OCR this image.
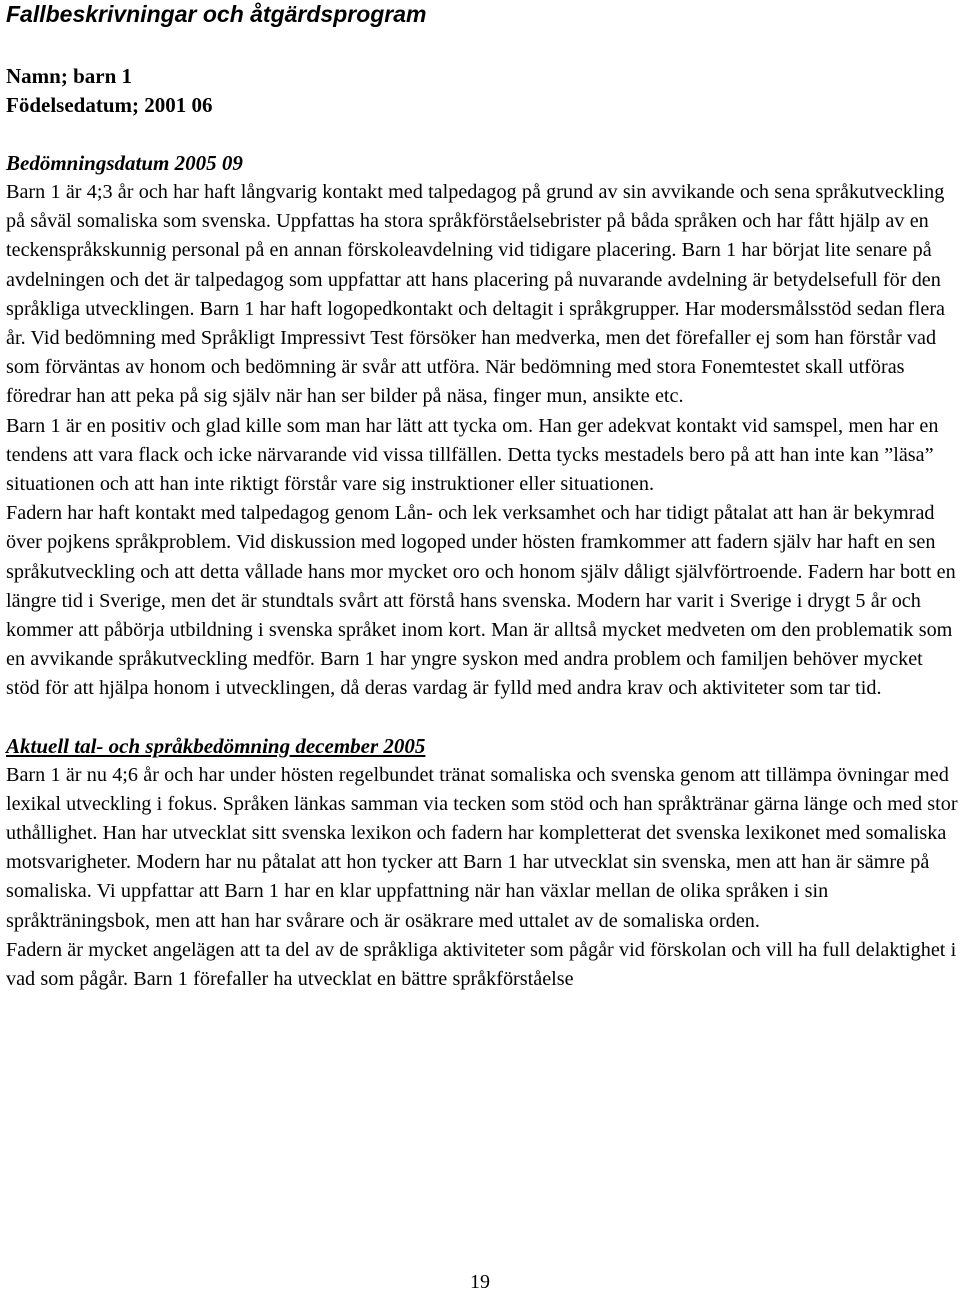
Fallbeskrivningar och åtgärdsprogram
Namn; barn 1
Födelsedatum; 2001 06
Bedömningsdatum 2005 09

Barn 1 är 4;3 år och har haft långvarig kontakt med talpedagog på grund av sin avvikande och sena språkutveckling på såväl somaliska som svenska. Uppfattas ha stora språkförståelsebrister på båda språken och har fått hjälp av en teckenspråkskunnig personal på en annan förskoleavdelning vid tidigare placering. Barn 1 har börjat lite senare på avdelningen och det är talpedagog som uppfattar att hans placering på nuvarande avdelning är betydelsefull för den språkliga utvecklingen. Barn 1 har haft logopedkontakt och deltagit i språkgrupper. Har modersmålsstöd sedan flera år. Vid bedömning med Språkligt Impressivt Test försöker han medverka, men det förefaller ej som han förstår vad som förväntas av honom och bedömning är svår att utföra. När bedömning med stora Fonemtestet skall utföras föredrar han att peka på sig själv när han ser bilder på näsa, finger mun, ansikte etc.

Barn 1 är en positiv och glad kille som man har lätt att tycka om. Han ger adekvat kontakt vid samspel, men har en tendens att vara flack och icke närvarande vid vissa tillfällen. Detta tycks mestadels bero på att han inte kan ”läsa” situationen och att han inte riktigt förstår vare sig instruktioner eller situationen.

Fadern har haft kontakt med talpedagog genom Lån- och lek verksamhet och har tidigt påtalat att han är bekymrad över pojkens språkproblem. Vid diskussion med logoped under hösten framkommer att fadern själv har haft en sen språkutveckling och att detta vållade hans mor mycket oro och honom själv dåligt självförtroende. Fadern har bott en längre tid i Sverige, men det är stundtals svårt att förstå hans svenska. Modern har varit i Sverige i drygt 5 år och kommer att påbörja utbildning i svenska språket inom kort. Man är alltså mycket medveten om den problematik som en avvikande språkutveckling medför. Barn 1 har yngre syskon med andra problem och familjen behöver mycket stöd för att hjälpa honom i utvecklingen, då deras vardag är fylld med andra krav och aktiviteter som tar tid.

Aktuell tal- och språkbedömning december 2005

Barn 1 är nu 4;6 år och har under hösten regelbundet tränat somaliska och svenska genom att tillämpa övningar med lexikal utveckling i fokus. Språken länkas samman via tecken som stöd och han språktränar gärna länge och med stor uthållighet. Han har utvecklat sitt svenska lexikon och fadern har kompletterat det svenska lexikonet med somaliska motsvarigheter. Modern har nu påtalat att hon tycker att Barn 1 har utvecklat sin svenska, men att han är sämre på somaliska. Vi uppfattar att Barn 1 har en klar uppfattning när han växlar mellan de olika språken i sin språkträningsbok, men att han har svårare och är osäkrare med uttalet av de somaliska orden.

Fadern är mycket angelägen att ta del av de språkliga aktiviteter som pågår vid förskolan och vill ha full delaktighet i vad som pågår. Barn 1 förefaller ha utvecklat en bättre språkförståelse

19
